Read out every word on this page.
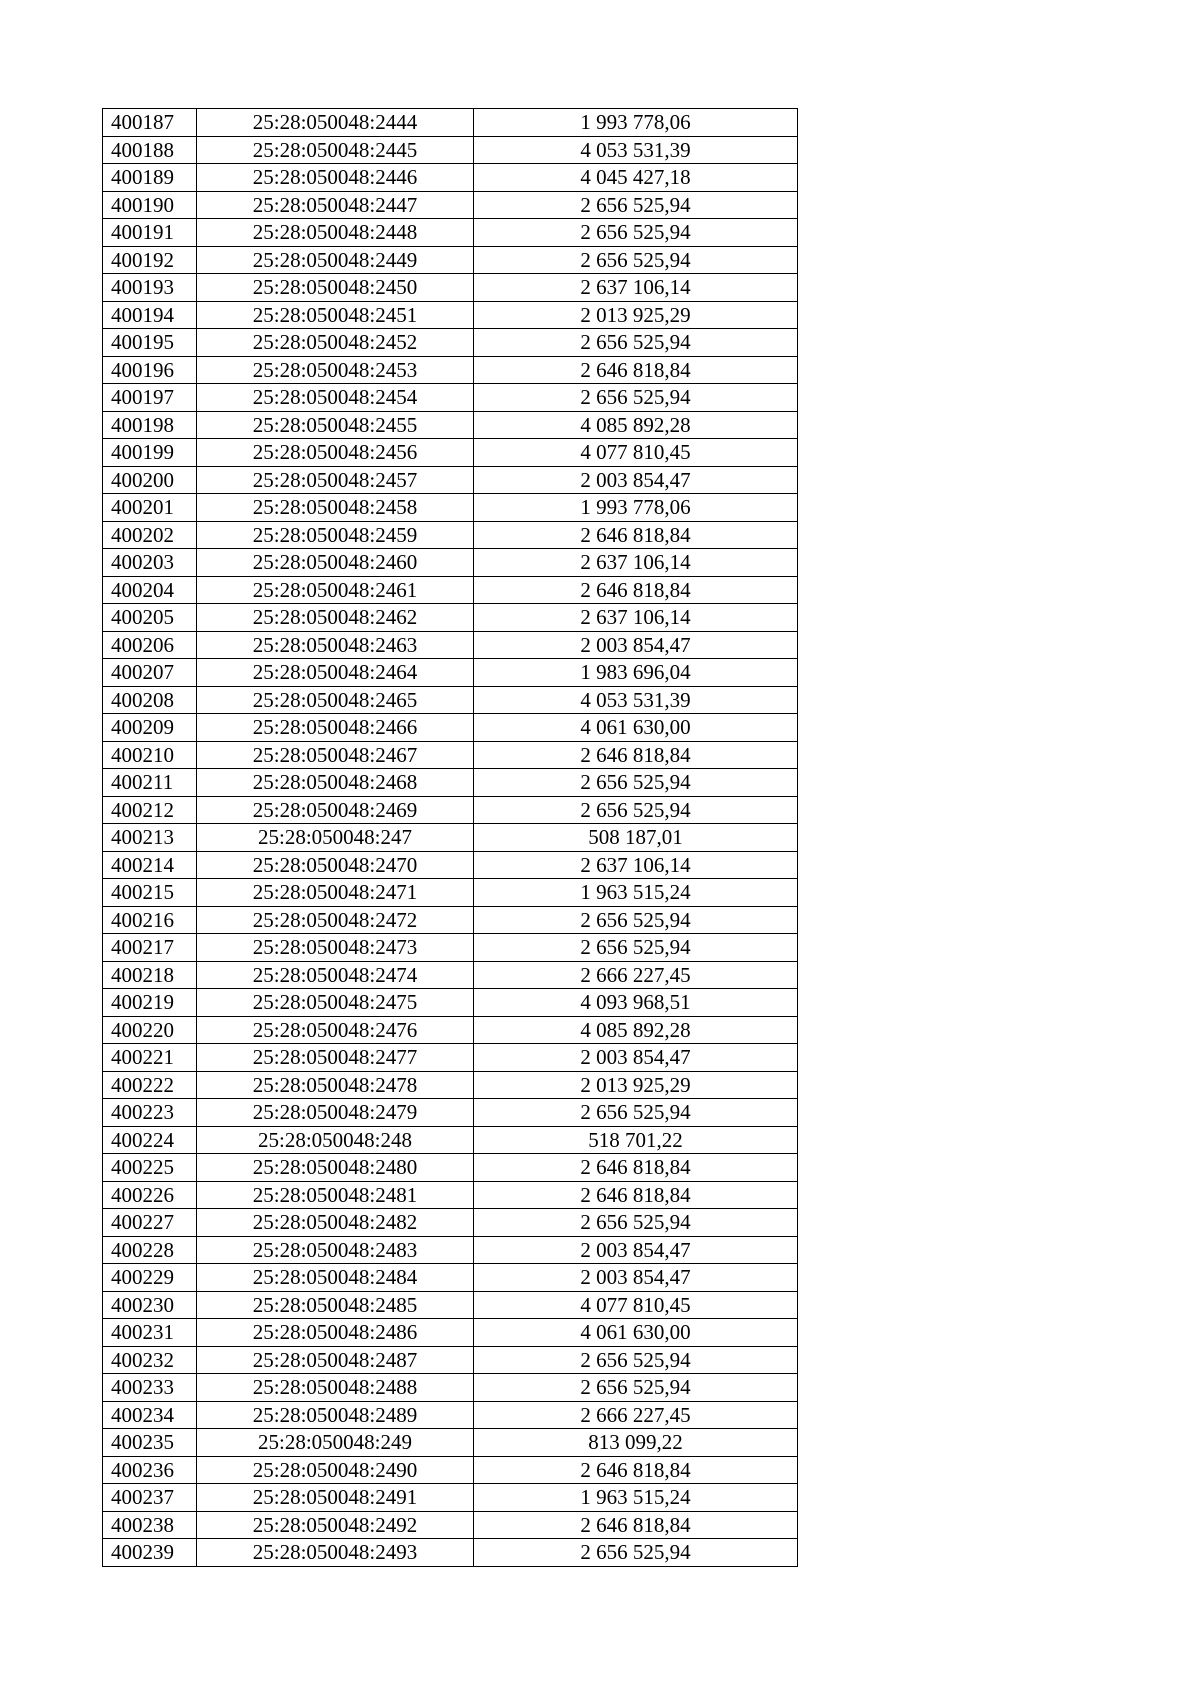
400187	25:28:050048:2444	1 993 778,06
400188	25:28:050048:2445	4 053 531,39
400189	25:28:050048:2446	4 045 427,18
400190	25:28:050048:2447	2 656 525,94
400191	25:28:050048:2448	2 656 525,94
400192	25:28:050048:2449	2 656 525,94
400193	25:28:050048:2450	2 637 106,14
400194	25:28:050048:2451	2 013 925,29
400195	25:28:050048:2452	2 656 525,94
400196	25:28:050048:2453	2 646 818,84
400197	25:28:050048:2454	2 656 525,94
400198	25:28:050048:2455	4 085 892,28
400199	25:28:050048:2456	4 077 810,45
400200	25:28:050048:2457	2 003 854,47
400201	25:28:050048:2458	1 993 778,06
400202	25:28:050048:2459	2 646 818,84
400203	25:28:050048:2460	2 637 106,14
400204	25:28:050048:2461	2 646 818,84
400205	25:28:050048:2462	2 637 106,14
400206	25:28:050048:2463	2 003 854,47
400207	25:28:050048:2464	1 983 696,04
400208	25:28:050048:2465	4 053 531,39
400209	25:28:050048:2466	4 061 630,00
400210	25:28:050048:2467	2 646 818,84
400211	25:28:050048:2468	2 656 525,94
400212	25:28:050048:2469	2 656 525,94
400213	25:28:050048:247	508 187,01
400214	25:28:050048:2470	2 637 106,14
400215	25:28:050048:2471	1 963 515,24
400216	25:28:050048:2472	2 656 525,94
400217	25:28:050048:2473	2 656 525,94
400218	25:28:050048:2474	2 666 227,45
400219	25:28:050048:2475	4 093 968,51
400220	25:28:050048:2476	4 085 892,28
400221	25:28:050048:2477	2 003 854,47
400222	25:28:050048:2478	2 013 925,29
400223	25:28:050048:2479	2 656 525,94
400224	25:28:050048:248	518 701,22
400225	25:28:050048:2480	2 646 818,84
400226	25:28:050048:2481	2 646 818,84
400227	25:28:050048:2482	2 656 525,94
400228	25:28:050048:2483	2 003 854,47
400229	25:28:050048:2484	2 003 854,47
400230	25:28:050048:2485	4 077 810,45
400231	25:28:050048:2486	4 061 630,00
400232	25:28:050048:2487	2 656 525,94
400233	25:28:050048:2488	2 656 525,94
400234	25:28:050048:2489	2 666 227,45
400235	25:28:050048:249	813 099,22
400236	25:28:050048:2490	2 646 818,84
400237	25:28:050048:2491	1 963 515,24
400238	25:28:050048:2492	2 646 818,84
400239	25:28:050048:2493	2 656 525,94
